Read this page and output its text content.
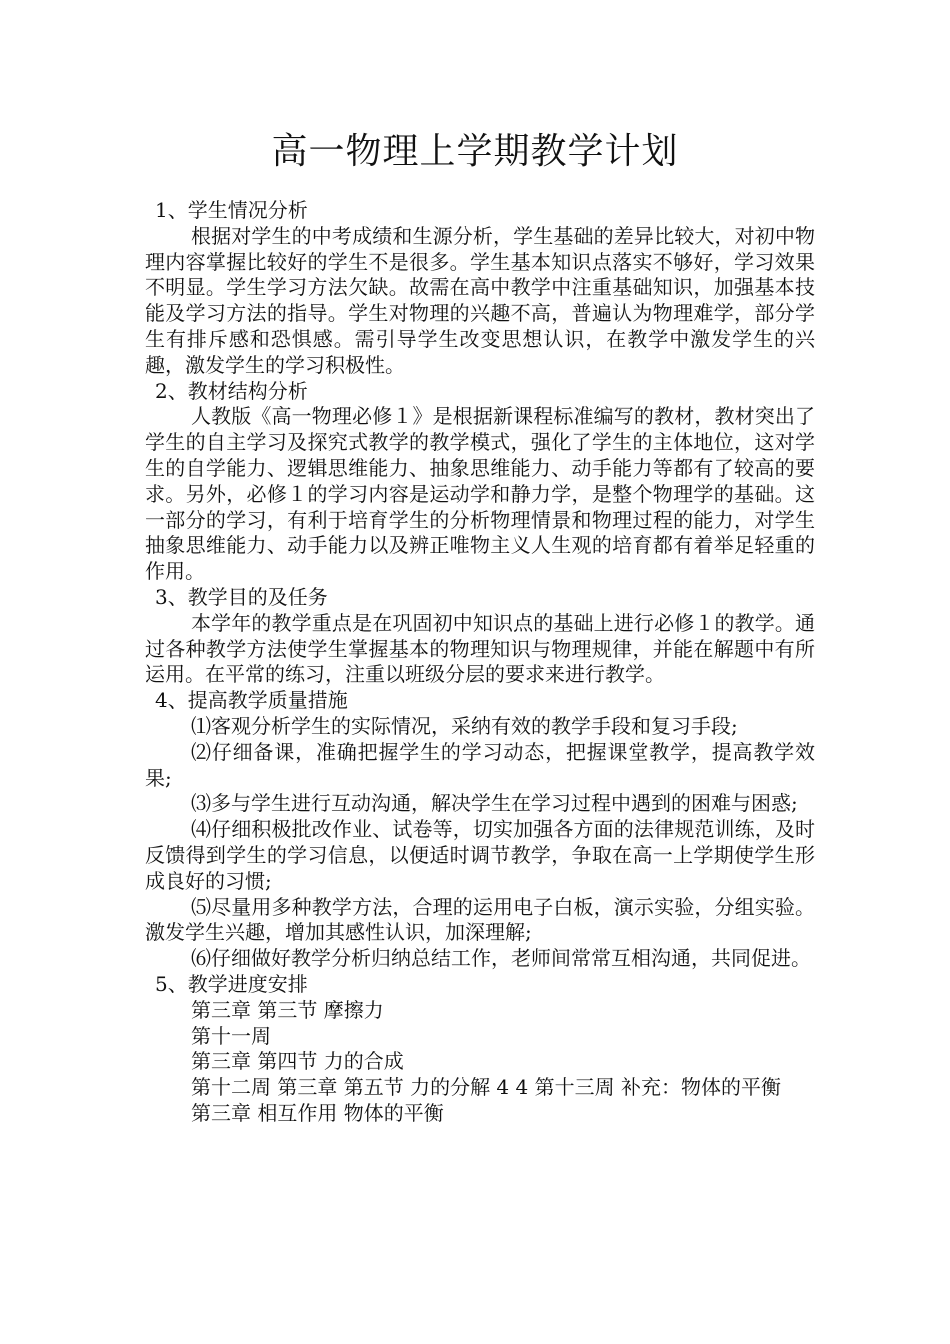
高一物理上学期教学计划
1、学生情况分析
根据对学生的中考成绩和生源分析，学生基础的差异比较大，对初中物理内容掌握比较好的学生不是很多。学生基本知识点落实不够好，学习效果不明显。学生学习方法欠缺。故需在高中教学中注重基础知识，加强基本技能及学习方法的指导。学生对物理的兴趣不高，普遍认为物理难学，部分学生有排斥感和恐惧感。需引导学生改变思想认识，在教学中激发学生的兴趣，激发学生的学习积极性。
2、教材结构分析
人教版《高一物理必修１》是根据新课程标准编写的教材，教材突出了学生的自主学习及探究式教学的教学模式，强化了学生的主体地位，这对学生的自学能力、逻辑思维能力、抽象思维能力、动手能力等都有了较高的要求。另外，必修１的学习内容是运动学和静力学，是整个物理学的基础。这一部分的学习，有利于培育学生的分析物理情景和物理过程的能力，对学生抽象思维能力、动手能力以及辨正唯物主义人生观的培育都有着举足轻重的作用。
3、教学目的及任务
本学年的教学重点是在巩固初中知识点的基础上进行必修１的教学。通过各种教学方法使学生掌握基本的物理知识与物理规律，并能在解题中有所运用。在平常的练习，注重以班级分层的要求来进行教学。
4、提高教学质量措施
⑴客观分析学生的实际情况，采纳有效的教学手段和复习手段;
⑵仔细备课，准确把握学生的学习动态，把握课堂教学，提高教学效果;
⑶多与学生进行互动沟通，解决学生在学习过程中遇到的困难与困惑;
⑷仔细积极批改作业、试卷等，切实加强各方面的法律规范训练，及时反馈得到学生的学习信息，以便适时调节教学，争取在高一上学期使学生形成良好的习惯;
⑸尽量用多种教学方法，合理的运用电子白板，演示实验，分组实验。激发学生兴趣，增加其感性认识，加深理解;
⑹仔细做好教学分析归纳总结工作，老师间常常互相沟通，共同促进。
5、教学进度安排
第三章 第三节 摩擦力
第十一周
第三章 第四节 力的合成
第十二周 第三章 第五节 力的分解 4 4 第十三周 补充：物体的平衡
第三章 相互作用 物体的平衡
